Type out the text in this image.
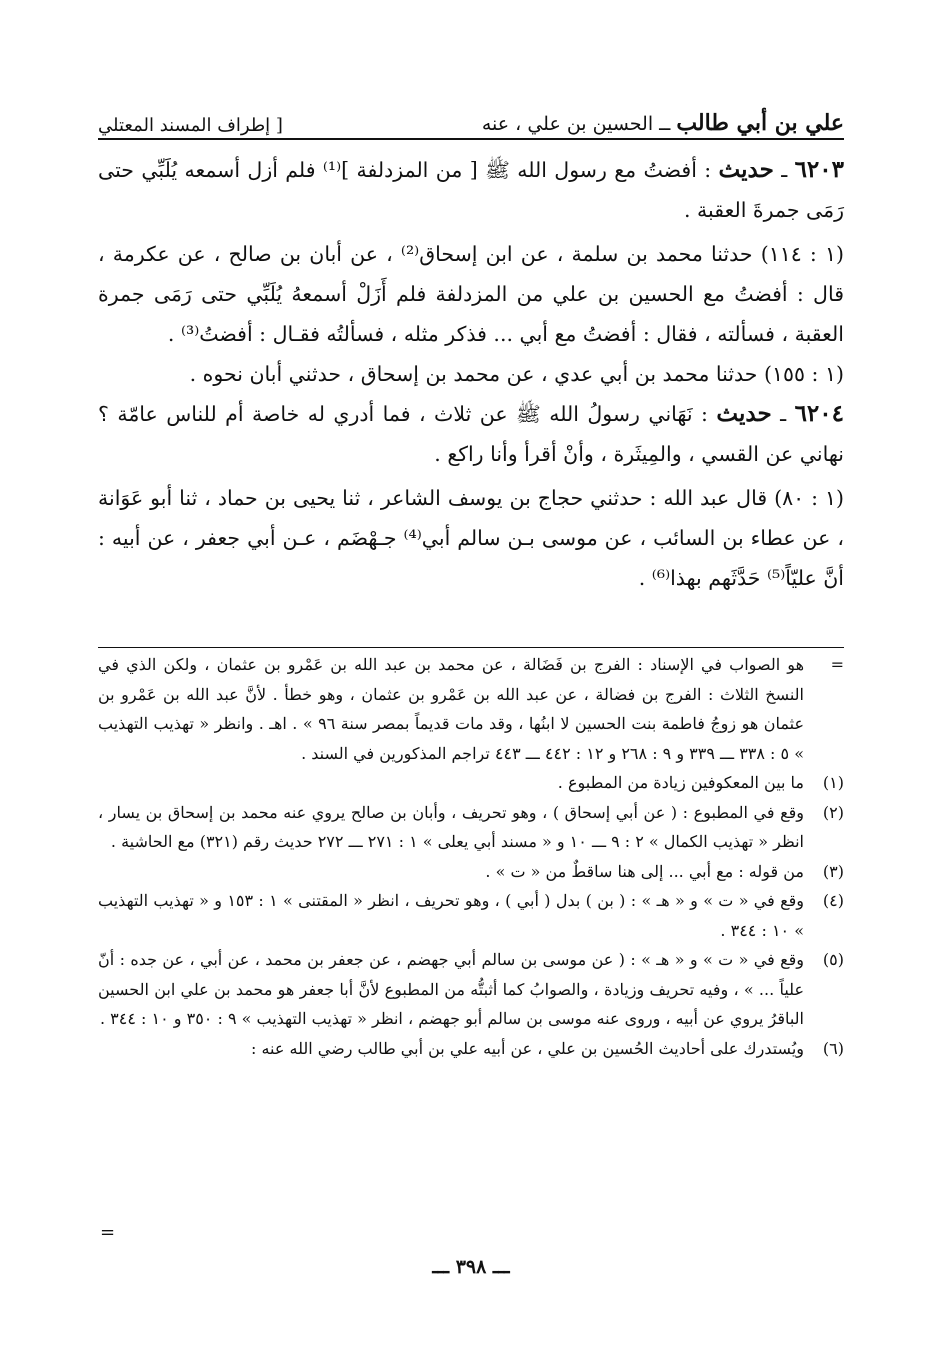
علي بن أبي طالب ــ الحسين بن علي ، عنه
[ إطراف المسند المعتلي

٦٢٠٣ ـ حديث : أفضتُ مع رسول الله ﷺ [ من المزدلفة ]⁽¹⁾ فلم أزل أسمعه يُلَبِّي حتى رَمَى جمرةَ العقبة .

(١ : ١١٤) حدثنا محمد بن سلمة ، عن ابن إسحاق⁽²⁾ ، عن أبان بن صالح ، عن عكرمة ، قال : أفضتُ مع الحسين بن علي من المزدلفة فلم أَزَلْ أسمعهُ يُلَبِّي حتى رَمَى جمرة العقبة ، فسألته ، فقال : أفضتُ مع أبي ... فذكر مثله ، فسألتُه فقـال : أفضتُ⁽³⁾ .

(١ : ١٥٥) حدثنا محمد بن أبي عدي ، عن محمد بن إسحاق ، حدثني أبان نحوه .

٦٢٠٤ ـ حديث : نَهَاني رسولُ الله ﷺ عن ثلاث ، فما أدري له خاصة أم للناس عامّة ؟ نهاني عن القسي ، والمِيثَرة ، وأنْ أقرأ وأنا راكع .

(١ : ٨٠) قال عبد الله : حدثني حجاج بن يوسف الشاعر ، ثنا يحيى بن حماد ، ثنا أبو عَوَانة ، عن عطاء بن السائب ، عن موسى بـن سالم أبي⁽⁴⁾ جـهْضَم ، عـن أبي جعفر ، عن أبيه : أنَّ عليّاً⁽⁵⁾ حَدَّثَهم بهذا⁽⁶⁾ .

=
هو الصواب في الإسناد : الفرج بن فَضَالة ، عن محمد بن عبد الله بن عَمْرو بن عثمان ، ولكن الذي في النسخ الثلاث : الفرج بن فضالة ، عن عبد الله بن عَمْرو بن عثمان ، وهو خطأ . لأنَّ عبد الله بن عَمْرو بن عثمان هو زوجُ فاطمة بنت الحسين لا ابنُها ، وقد مات قديماً بمصر سنة ٩٦ » . اهـ . وانظر « تهذيب التهذيب » ٥ : ٣٣٨ ـــ ٣٣٩ و ٩ : ٢٦٨ و ١٢ : ٤٤٢ ـــ ٤٤٣ تراجم المذكورين في السند .

(١)
ما بين المعكوفين زيادة من المطبوع .

(٢)
وقع في المطبوع : ( عن أبي إسحاق ) ، وهو تحريف ، وأبان بن صالح يروي عنه محمد بن إسحاق بن يسار ، انظر « تهذيب الكمال » ٢ : ٩ ـــ ١٠ و « مسند أبي يعلى » ١ : ٢٧١ ـــ ٢٧٢ حديث رقم (٣٢١) مع الحاشية .

(٣)
من قوله : مع أبي ... إلى هنا ساقطٌ من « ت » .

(٤)
وقع في « ت » و « هـ » : ( بن ) بدل ( أبي ) ، وهو تحريف ، انظر « المقتنى » ١ : ١٥٣ و « تهذيب التهذيب » ١٠ : ٣٤٤ .

(٥)
وقع في « ت » و « هـ » : ( عن موسى بن سالم أبي جهضم ، عن جعفر بن محمد ، عن أبي ، عن جده : أنّ علياً ... » ، وفيه تحريف وزيادة ، والصوابُ كما أثبتُّه من المطبوع لأنَّ أبا جعفر هو محمد بن علي ابن الحسين الباقرُ يروي عن أبيه ، وروى عنه موسى بن سالم أبو جهضم ، انظر « تهذيب التهذيب » ٩ : ٣٥٠ و ١٠ : ٣٤٤ .

(٦)
ويُستدرك على أحاديث الحُسين بن علي ، عن أبيه علي بن أبي طالب رضي الله عنه :

=
ـــ ٣٩٨ ـــ
